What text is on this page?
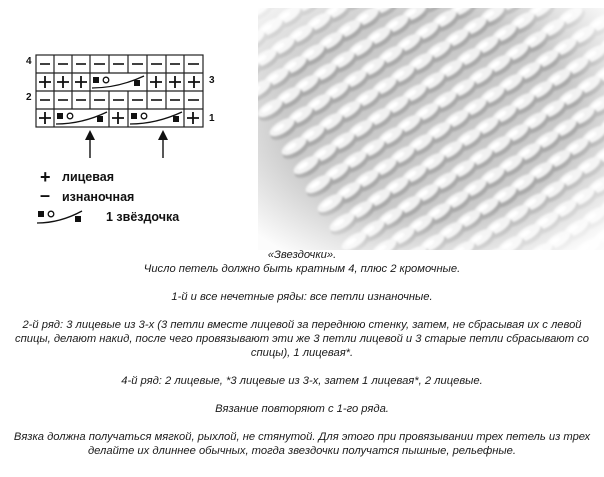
4
3
2
1
+ лицевая
– изнаночная
1 звёздочка

«Звездочки».

Число петель должно быть кратным 4, плюс 2 кромочные.

1-й и все нечетные ряды: все петли изнаночные.

2-й ряд: 3 лицевые из 3-х (3 петли вместе лицевой за переднюю стенку, затем, не сбрасывая их с левой

спицы, делают накид, после чего провязывают эти же 3 петли лицевой и 3 старые петли сбрасывают со

спицы), 1 лицевая*.

4-й ряд: 2 лицевые, *3 лицевые из 3-х, затем 1 лицевая*, 2 лицевые.

Вязание повторяют с 1-го ряда.

Вязка должна получаться мягкой, рыхлой, не стянутой. Для этого при провязывании трех петель из трех

делайте их длиннее обычных, тогда звездочки получатся пышные, рельефные.
